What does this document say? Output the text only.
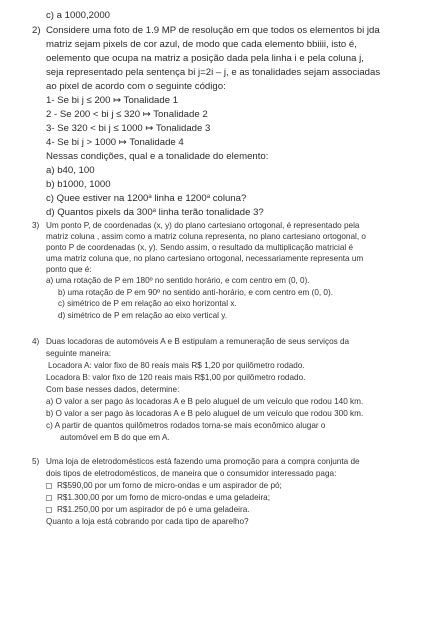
c) a 1000,2000
2) Considere uma foto de 1.9 MP de resolução em que todos os elementos bi jda
matriz sejam pixels de cor azul, de modo que cada elemento bbiiii, isto é,
oelemento que ocupa na matriz a posição dada pela linha i e pela coluna j,
seja representado pela sentença bi j=2i – j, e as tonalidades sejam associadas
ao pixel de acordo com o seguinte código:
1- Se bi j ≤ 200 ↦ Tonalidade 1
2 - Se 200 < bi j ≤ 320 ↦ Tonalidade 2
3- Se 320 < bi j ≤ 1000 ↦ Tonalidade 3
4- Se bi j > 1000 ↦ Tonalidade 4
Nessas condições, qual e a tonalidade do elemento:
a) b40, 100
b) b1000, 1000
c) Quee estiver na 1200$^a$ linha e 1200$^a$ coluna?
d) Quantos pixels da 300$^a$ linha terão tonalidade 3?
3) Um ponto P, de coordenadas (x, y) do plano cartesiano ortogonal, é representado pela
matriz coluna , assim como a matriz coluna representa, no plano cartesiano ortogonal, o
ponto P de coordenadas (x, y). Sendo assim, o resultado da multiplicação matricial é
uma matriz coluna que, no plano cartesiano ortogonal, necessariamente representa um
ponto que é:
a) uma rotação de P em 180º no sentido horário, e com centro em (0, 0).
b) uma rotação de P em 90º no sentido anti-horário, e com centro em (0, 0).
c) simétrico de P em relação ao eixo horizontal x.
d) simétrico de P em relação ao eixo vertical y.
4) Duas locadoras de automóveis A e B estipulam a remuneração de seus serviços da
seguinte maneira:
Locadora A: valor fixo de 80 reais mais R$ 1,20 por quilômetro rodado.
Locadora B: valor fixo de 120 reais mais R$1,00 por quilômetro rodado.
Com base nesses dados, determine:
a) O valor a ser pago às locadoras A e B pelo aluguel de um veículo que rodou 140 km.
b) O valor a ser pago às locadoras A e B pelo aluguel de um veículo que rodou 300 km.
c) A partir de quantos quilômetros rodados torna-se mais econômico alugar o
automóvel em B do que em A.
5) Uma loja de eletrodomésticos está fazendo uma promoção para a compra conjunta de
dois tipos de eletrodomésticos, de maneira que o consumidor interessado paga:
R$590,00 por um forno de micro-ondas e um aspirador de pó;
R$1.300,00 por um forno de micro-ondas e uma geladeira;
R$1.250,00 por um aspirador de pó e uma geladeira.
Quanto a loja está cobrando por cada tipo de aparelho?
